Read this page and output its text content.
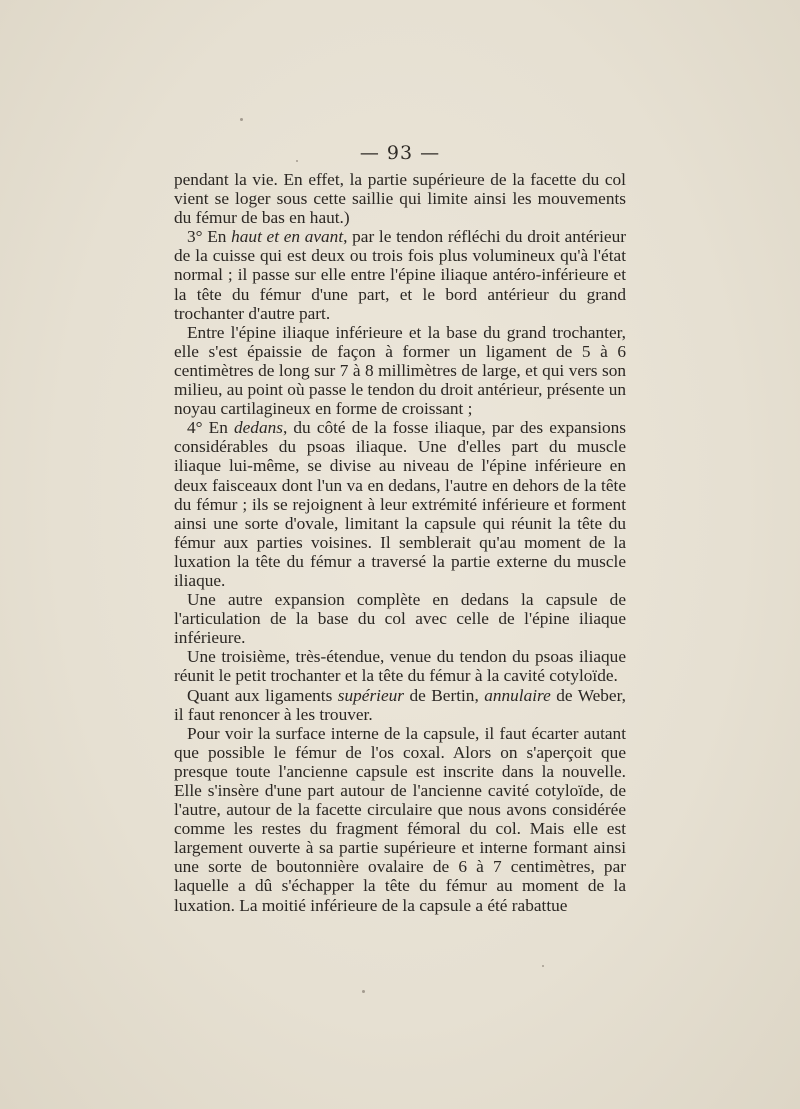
— 93 —

pendant la vie. En effet, la partie supérieure de la facette du col vient se loger sous cette saillie qui limite ainsi les mouvements du fémur de bas en haut.)

3° En haut et en avant, par le tendon réfléchi du droit antérieur de la cuisse qui est deux ou trois fois plus volumineux qu'à l'état normal ; il passe sur elle entre l'épine iliaque antéro-inférieure et la tête du fémur d'une part, et le bord antérieur du grand trochanter d'autre part.

Entre l'épine iliaque inférieure et la base du grand trochanter, elle s'est épaissie de façon à former un ligament de 5 à 6 centimètres de long sur 7 à 8 millimètres de large, et qui vers son milieu, au point où passe le tendon du droit antérieur, présente un noyau cartilagineux en forme de croissant ;

4° En dedans, du côté de la fosse iliaque, par des expansions considérables du psoas iliaque. Une d'elles part du muscle iliaque lui-même, se divise au niveau de l'épine inférieure en deux faisceaux dont l'un va en dedans, l'autre en dehors de la tête du fémur ; ils se rejoignent à leur extrémité inférieure et forment ainsi une sorte d'ovale, limitant la capsule qui réunit la tête du fémur aux parties voisines. Il semblerait qu'au moment de la luxation la tête du fémur a traversé la partie externe du muscle iliaque.

Une autre expansion complète en dedans la capsule de l'articulation de la base du col avec celle de l'épine iliaque inférieure.

Une troisième, très-étendue, venue du tendon du psoas iliaque réunit le petit trochanter et la tête du fémur à la cavité cotyloïde.

Quant aux ligaments supérieur de Bertin, annulaire de Weber, il faut renoncer à les trouver.

Pour voir la surface interne de la capsule, il faut écarter autant que possible le fémur de l'os coxal. Alors on s'aperçoit que presque toute l'ancienne capsule est inscrite dans la nouvelle. Elle s'insère d'une part autour de l'ancienne cavité cotyloïde, de l'autre, autour de la facette circulaire que nous avons considérée comme les restes du fragment fémoral du col. Mais elle est largement ouverte à sa partie supérieure et interne formant ainsi une sorte de boutonnière ovalaire de 6 à 7 centimètres, par laquelle a dû s'échapper la tête du fémur au moment de la luxation. La moitié inférieure de la capsule a été rabattue
